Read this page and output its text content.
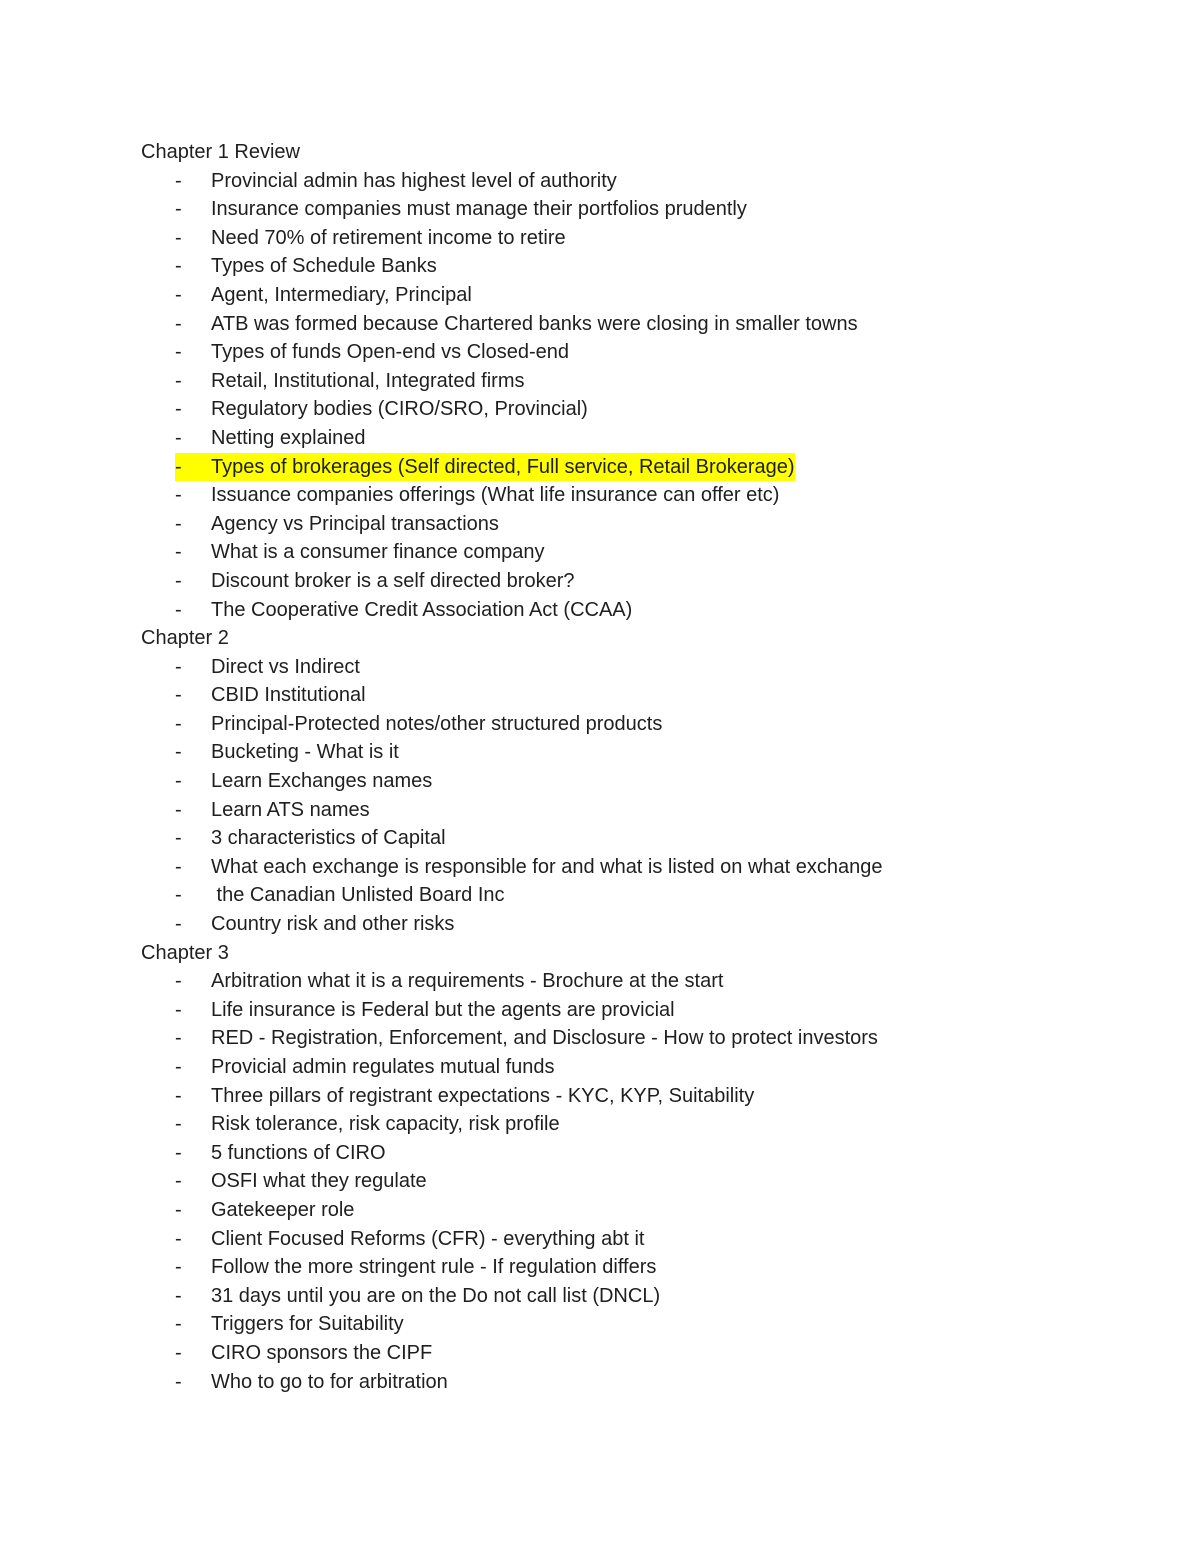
Chapter 1 Review
- Provincial admin has highest level of authority
- Insurance companies must manage their portfolios prudently
- Need 70% of retirement income to retire
- Types of Schedule Banks
- Agent, Intermediary, Principal
- ATB was formed because Chartered banks were closing in smaller towns
- Types of funds Open-end vs Closed-end
- Retail, Institutional, Integrated firms
- Regulatory bodies (CIRO/SRO, Provincial)
- Netting explained
-	Types of brokerages (Self directed, Full service, Retail Brokerage)
- Issuance companies offerings (What life insurance can offer etc)
- Agency vs Principal transactions
- What is a consumer finance company
- Discount broker is a self directed broker?
- The Cooperative Credit Association Act (CCAA)
Chapter 2
- Direct vs Indirect
- CBID Institutional
- Principal-Protected notes/other structured products
- Bucketing - What is it
- Learn Exchanges names
- Learn ATS names
- 3 characteristics of Capital
- What each exchange is responsible for and what is listed on what exchange
- the Canadian Unlisted Board Inc
- Country risk and other risks
Chapter 3
- Arbitration what it is a requirements - Brochure at the start
- Life insurance is Federal but the agents are provicial
- RED - Registration, Enforcement, and Disclosure - How to protect investors
- Provicial admin regulates mutual funds
- Three pillars of registrant expectations - KYC, KYP, Suitability
- Risk tolerance, risk capacity, risk profile
- 5 functions of CIRO
- OSFI what they regulate
- Gatekeeper role
- Client Focused Reforms (CFR) - everything abt it
- Follow the more stringent rule - If regulation differs
- 31 days until you are on the Do not call list (DNCL)
- Triggers for Suitability
- CIRO sponsors the CIPF
- Who to go to for arbitration
